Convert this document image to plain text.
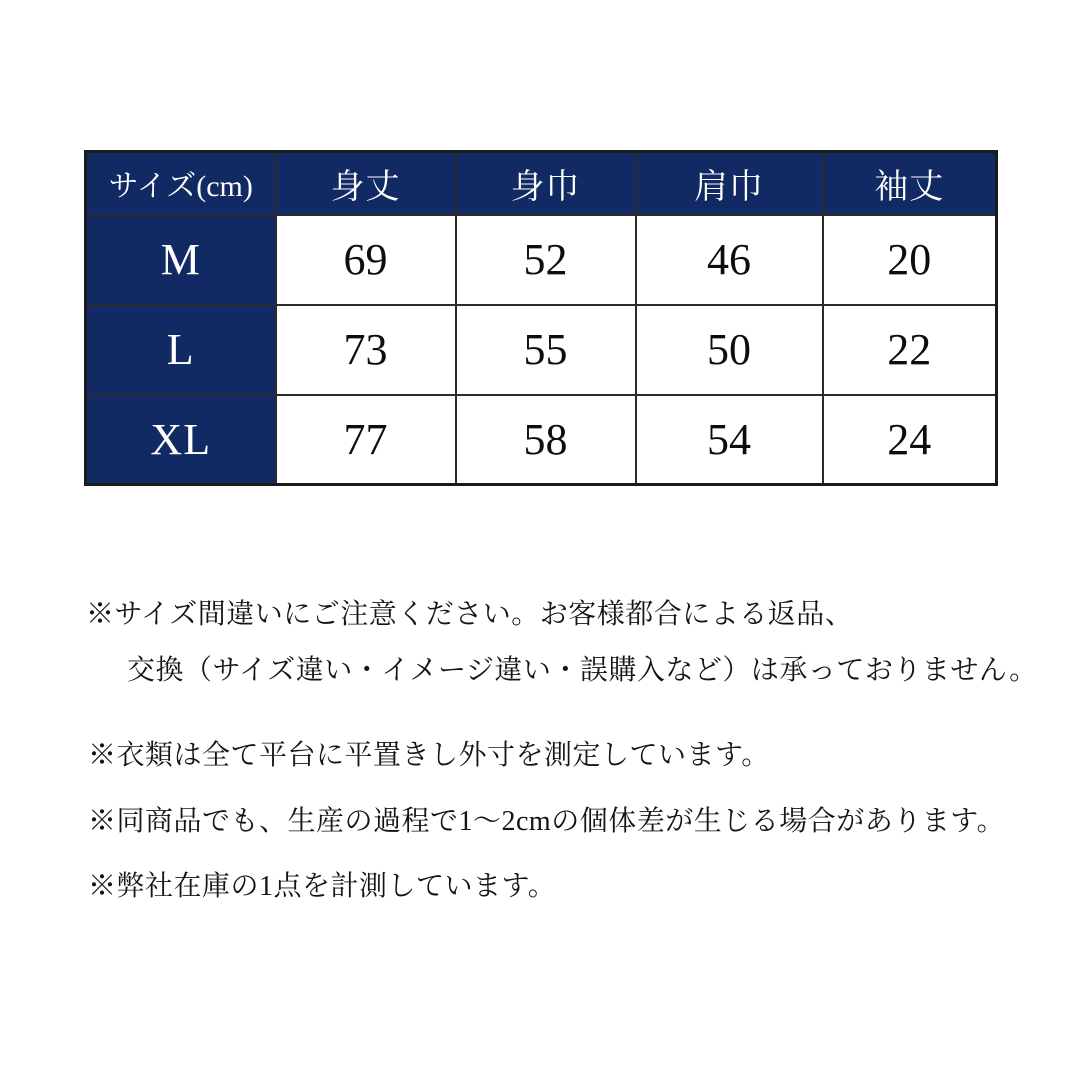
サイズ(cm)	身丈	身巾	肩巾	袖丈
M	69	52	46	20
L	73	55	50	22
XL	77	58	54	24

※サイズ間違いにご注意ください。お客様都合による返品、

交換（サイズ違い・イメージ違い・誤購入など）は承っておりません。

※衣類は全て平台に平置きし外寸を測定しています。

※同商品でも、生産の過程で1～2cmの個体差が生じる場合があります。

※弊社在庫の1点を計測しています。
